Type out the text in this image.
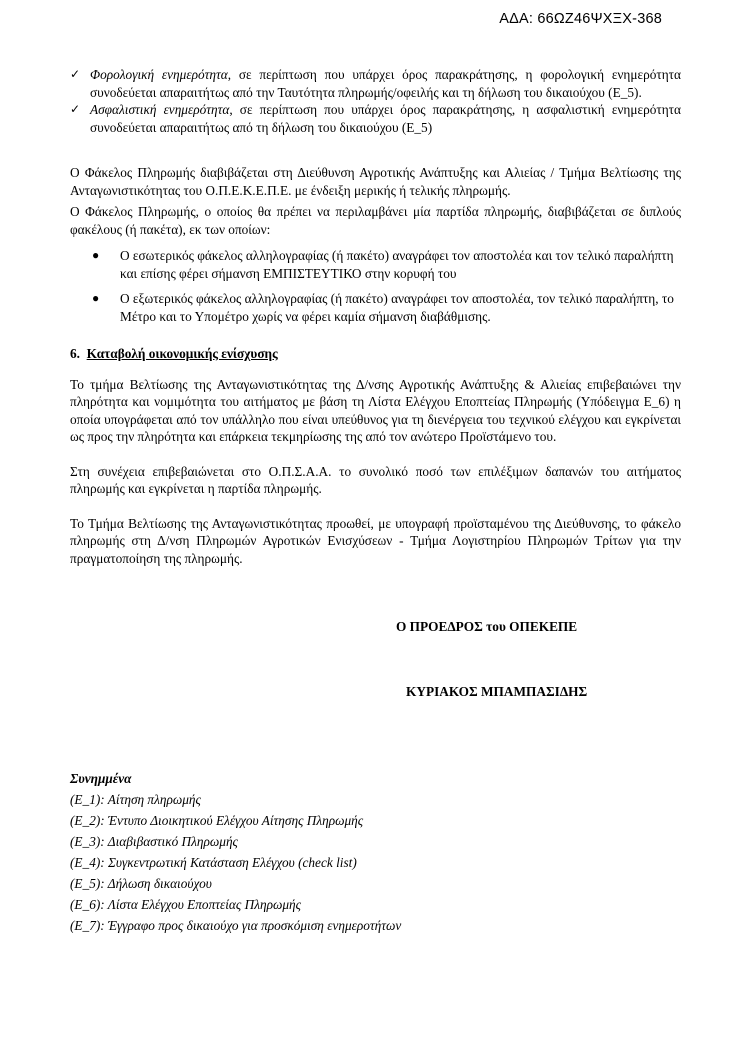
ΑΔΑ: 66ΩΖ46ΨΧΞΧ-368
✓ Φορολογική ενημερότητα, σε περίπτωση που υπάρχει όρος παρακράτησης, η φορολογική ενημερότητα συνοδεύεται απαραιτήτως από την Ταυτότητα πληρωμής/οφειλής και τη δήλωση του δικαιούχου (Ε_5).
✓ Ασφαλιστική ενημερότητα, σε περίπτωση που υπάρχει όρος παρακράτησης, η ασφαλιστική ενημερότητα συνοδεύεται απαραιτήτως από τη δήλωση του δικαιούχου (Ε_5)

Ο Φάκελος Πληρωμής διαβιβάζεται στη Διεύθυνση Αγροτικής Ανάπτυξης και Αλιείας / Τμήμα Βελτίωσης της Ανταγωνιστικότητας του Ο.Π.Ε.Κ.Ε.Π.Ε. με ένδειξη μερικής ή τελικής πληρωμής.

Ο Φάκελος Πληρωμής, ο οποίος θα πρέπει να περιλαμβάνει μία παρτίδα πληρωμής, διαβιβάζεται σε διπλούς φακέλους (ή πακέτα), εκ των οποίων:

● Ο εσωτερικός φάκελος αλληλογραφίας (ή πακέτο) αναγράφει τον αποστολέα και τον τελικό παραλήπτη και επίσης φέρει σήμανση ΕΜΠΙΣΤΕΥΤΙΚΟ στην κορυφή του
● Ο εξωτερικός φάκελος αλληλογραφίας (ή πακέτο) αναγράφει τον αποστολέα, τον τελικό παραλήπτη, το Μέτρο και το Υπομέτρο χωρίς να φέρει καμία σήμανση διαβάθμισης.
6. Καταβολή οικονομικής ενίσχυσης

Το τμήμα Βελτίωσης της Ανταγωνιστικότητας της Δ/νσης Αγροτικής Ανάπτυξης & Αλιείας επιβεβαιώνει την πληρότητα και νομιμότητα του αιτήματος με βάση τη Λίστα Ελέγχου Εποπτείας Πληρωμής (Υπόδειγμα Ε_6) η οποία υπογράφεται από τον υπάλληλο που είναι υπεύθυνος για τη διενέργεια του τεχνικού ελέγχου και εγκρίνεται ως προς την πληρότητα και επάρκεια τεκμηρίωσης της από τον ανώτερο Προϊστάμενο του.

Στη συνέχεια επιβεβαιώνεται στο Ο.Π.Σ.Α.Α. το συνολικό ποσό των επιλέξιμων δαπανών του αιτήματος πληρωμής και εγκρίνεται η παρτίδα πληρωμής.

Το Τμήμα Βελτίωσης της Ανταγωνιστικότητας προωθεί, με υπογραφή προϊσταμένου της Διεύθυνσης, το φάκελο πληρωμής στη Δ/νση Πληρωμών Αγροτικών Ενισχύσεων - Τμήμα Λογιστηρίου Πληρωμών Τρίτων για την πραγματοποίηση της πληρωμής.

Ο ΠΡΟΕΔΡΟΣ του ΟΠΕΚΕΠΕ
ΚΥΡΙΑΚΟΣ ΜΠΑΜΠΑΣΙΔΗΣ
Συνημμένα
(Ε_1): Αίτηση πληρωμής
(Ε_2): Έντυπο Διοικητικού Ελέγχου Αίτησης Πληρωμής
(Ε_3): Διαβιβαστικό Πληρωμής
(Ε_4): Συγκεντρωτική Κατάσταση Ελέγχου (check list)
(Ε_5): Δήλωση δικαιούχου
(Ε_6): Λίστα Ελέγχου Εποπτείας Πληρωμής
(Ε_7): Έγγραφο προς δικαιούχο για προσκόμιση ενημεροτήτων
